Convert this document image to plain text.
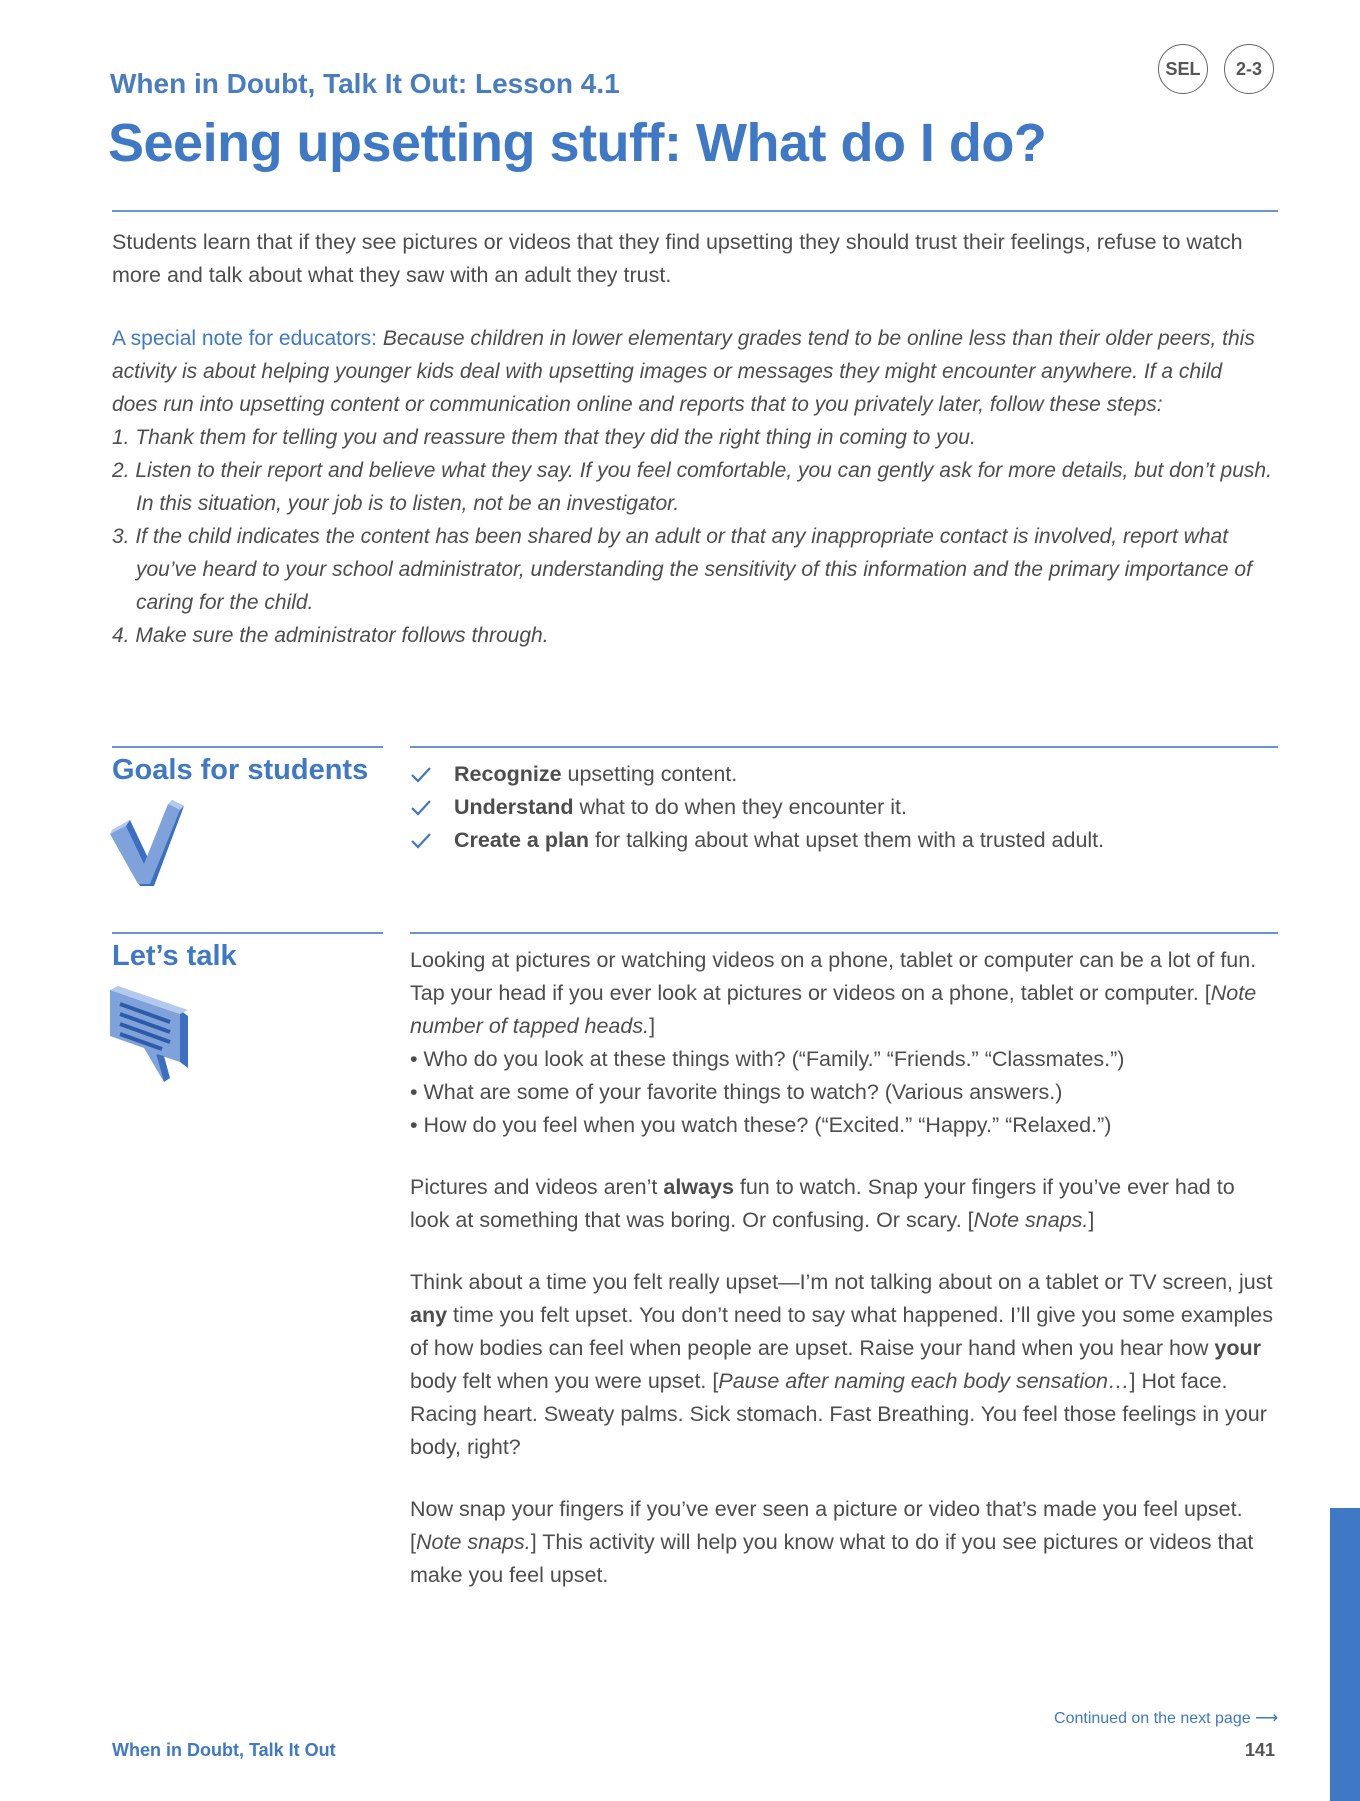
When in Doubt, Talk It Out: Lesson 4.1	SEL	2-3
Seeing upsetting stuff: What do I do?
Students learn that if they see pictures or videos that they find upsetting they should trust their feelings, refuse to watch more and talk about what they saw with an adult they trust.
A special note for educators: Because children in lower elementary grades tend to be online less than their older peers, this activity is about helping younger kids deal with upsetting images or messages they might encounter anywhere. If a child does run into upsetting content or communication online and reports that to you privately later, follow these steps:
1. Thank them for telling you and reassure them that they did the right thing in coming to you.
2. Listen to their report and believe what they say. If you feel comfortable, you can gently ask for more details, but don’t push. In this situation, your job is to listen, not be an investigator.
3. If the child indicates the content has been shared by an adult or that any inappropriate contact is involved, report what you’ve heard to your school administrator, understanding the sensitivity of this information and the primary importance of caring for the child.
4. Make sure the administrator follows through.
Goals for students	Recognize upsetting content.
Understand what to do when they encounter it.
Create a plan for talking about what upset them with a trusted adult.
Let’s talk	Looking at pictures or watching videos on a phone, tablet or computer can be a lot of fun. Tap your head if you ever look at pictures or videos on a phone, tablet or computer. [Note number of tapped heads.]
• Who do you look at these things with? (“Family.” “Friends.” “Classmates.”)
• What are some of your favorite things to watch? (Various answers.)
• How do you feel when you watch these? (“Excited.” “Happy.” “Relaxed.”)

Pictures and videos aren’t always fun to watch. Snap your fingers if you’ve ever had to look at something that was boring. Or confusing. Or scary. [Note snaps.]

Think about a time you felt really upset—I’m not talking about on a tablet or TV screen, just any time you felt upset. You don’t need to say what happened. I’ll give you some examples of how bodies can feel when people are upset. Raise your hand when you hear how your body felt when you were upset. [Pause after naming each body sensation…] Hot face. Racing heart. Sweaty palms. Sick stomach. Fast Breathing. You feel those feelings in your body, right?

Now snap your fingers if you’ve ever seen a picture or video that’s made you feel upset. [Note snaps.] This activity will help you know what to do if you see pictures or videos that make you feel upset.

Continued on the next page ⟶
When in Doubt, Talk It Out	141
